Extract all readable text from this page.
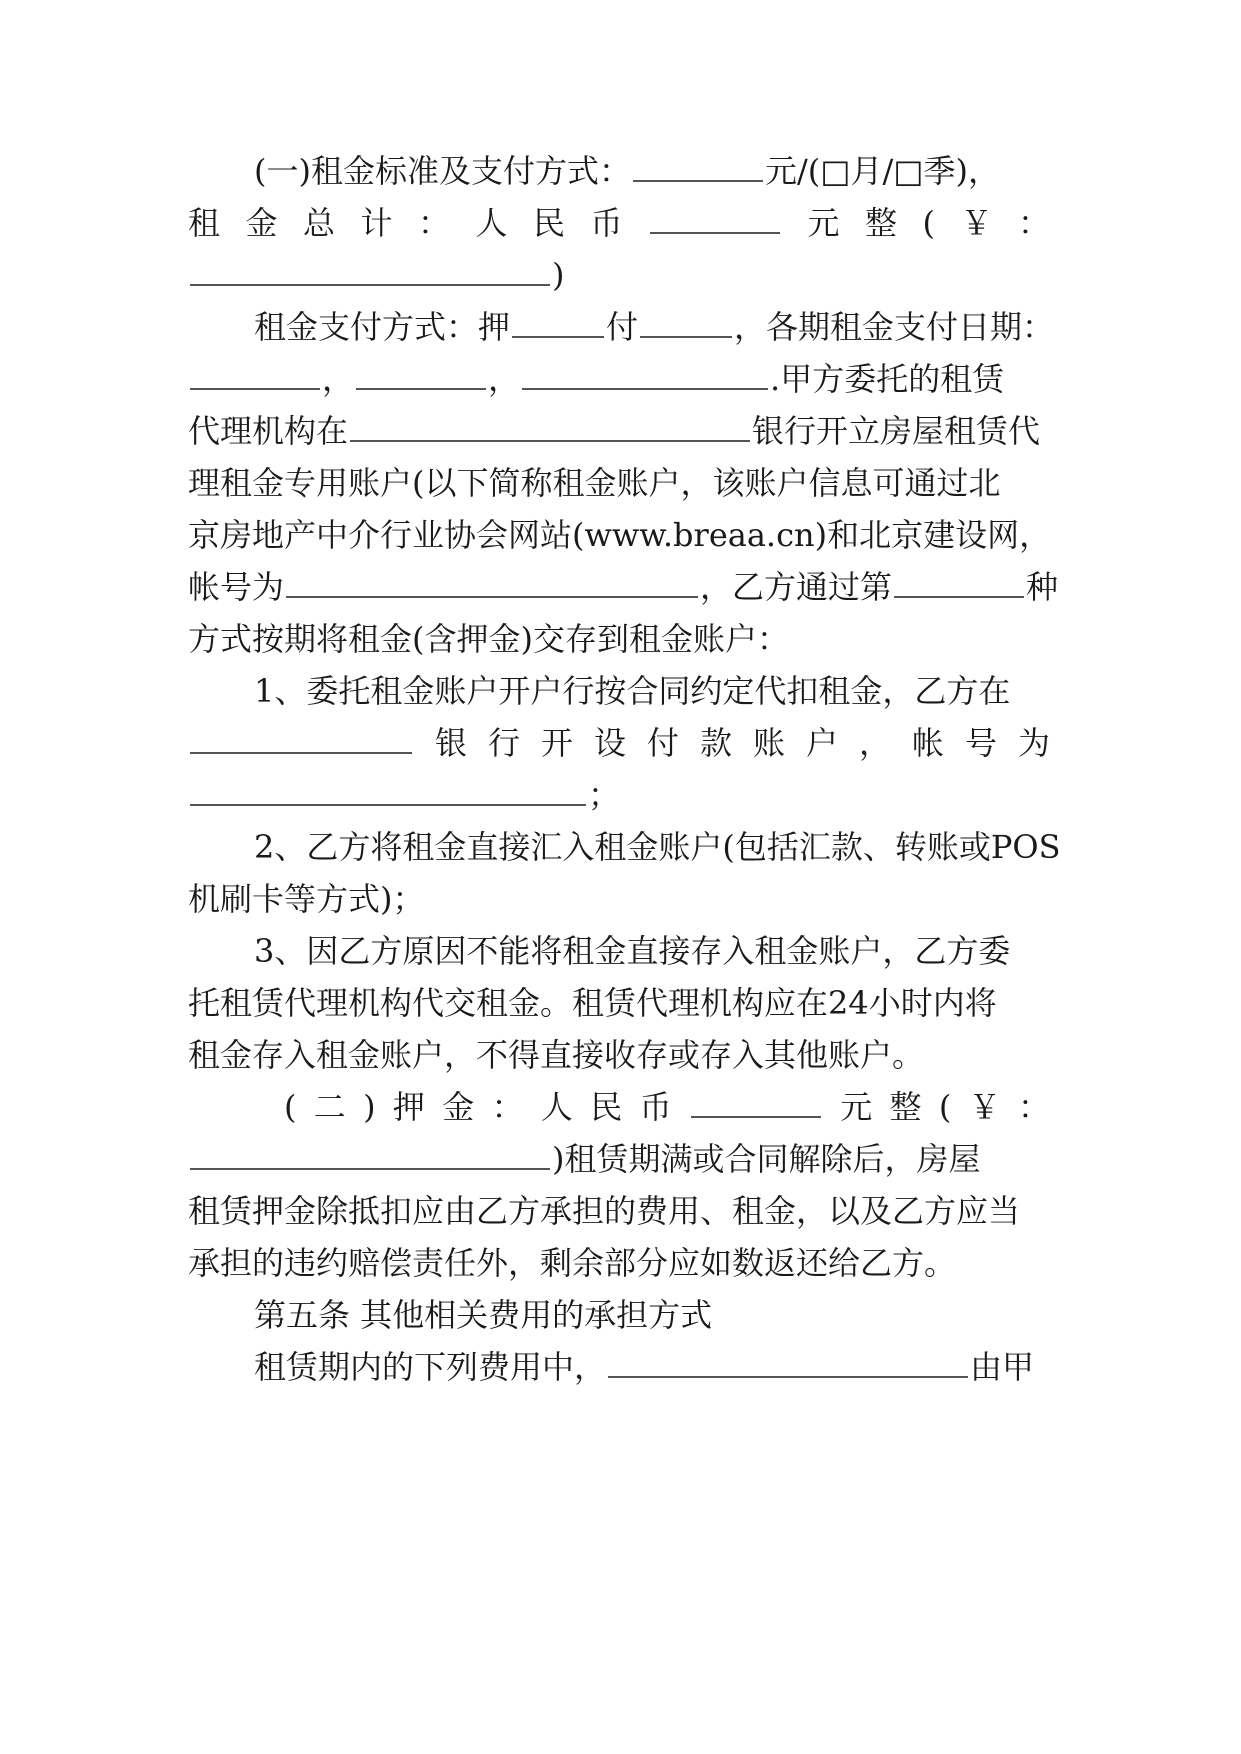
(一)租金标准及支付方式：	元/(□月/□季)，
租 金 总 计 ： 人 民 币	元 整 ( ￥ ：
)
租金支付方式：押	付	，各期租金支付日期：
，	，	.甲方委托的租赁
代理机构在	银行开立房屋租赁代
理租金专用账户(以下简称租金账户，该账户信息可通过北
京房地产中介行业协会网站(www.breaa.cn)和北京建设网，
帐号为	，乙方通过第	种
方式按期将租金(含押金)交存到租金账户：
1、委托租金账户开户行按合同约定代扣租金，乙方在
银 行 开 设 付 款 账 户 ， 帐 号 为
；
2、乙方将租金直接汇入租金账户(包括汇款、转账或POS
机刷卡等方式)；
3、因乙方原因不能将租金直接存入租金账户，乙方委
托租赁代理机构代交租金。租赁代理机构应在24小时内将
租金存入租金账户，不得直接收存或存入其他账户。
( 二 ) 押 金 ： 人 民 币	元 整 ( ￥ ：
)租赁期满或合同解除后，房屋
租赁押金除抵扣应由乙方承担的费用、租金，以及乙方应当
承担的违约赔偿责任外，剩余部分应如数返还给乙方。
第五条 其他相关费用的承担方式
租赁期内的下列费用中，	由甲
